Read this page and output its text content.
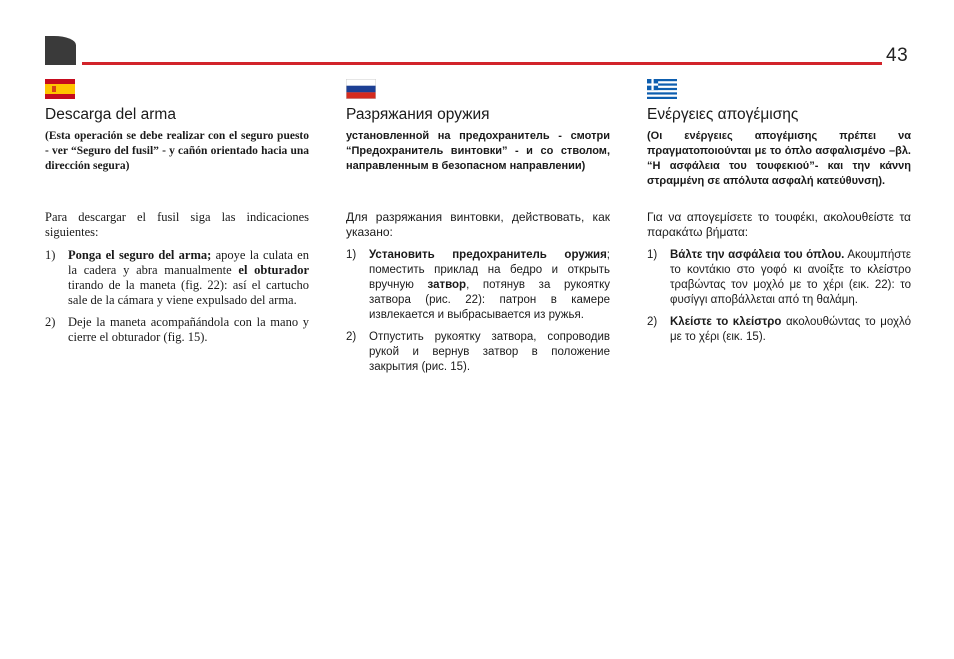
43
Descarga del arma

(Esta operación se debe realizar con el seguro puesto - ver “Seguro del fusil” - y cañón orientado hacia una dirección segura)

Para descargar el fusil siga las indicaciones siguientes:

1) Ponga el seguro del arma; apoye la culata en la cadera y abra manualmente el obturador tirando de la maneta (fig. 22): así el cartucho sale de la cámara y viene expulsado del arma.
2) Deje la maneta acompañándola con la mano y cierre el obturador (fig. 15).
Разряжания оружия

установленной на предохранитель - смотри “Предохранитель винтовки” - и со стволом, направленным в безопасном направлении)

Для разряжания винтовки, действовать, как указано:

1) Установить предохранитель оружия; поместить приклад на бедро и открыть вручную затвор, потянув за рукоятку затвора (рис. 22): патрон в камере извлекается и выбрасывается из ружья.
2) Отпустить рукоятку затвора, сопроводив рукой и вернув затвор в положение закрытия (рис. 15).
Ενέργειες απογέμισης

(Οι ενέργειες απογέμισης πρέπει να πραγματοποιούνται με το όπλο ασφαλισμένο –βλ. “Η ασφάλεια του τουφεκιού”- και την κάννη στραμμένη σε απόλυτα ασφαλή κατεύθυνση).

Για να απογεμίσετε το τουφέκι, ακολουθείστε τα παρακάτω βήματα:

1) Βάλτε την ασφάλεια του όπλου. Ακουμπήστε το κοντάκιο στο γοφό κι ανοίξτε το κλείστρο τραβώντας τον μοχλό με το χέρι (εικ. 22): το φυσίγγι αποβάλλεται από τη θαλάμη.
2) Κλείστε το κλείστρο ακολουθώντας το μοχλό με το χέρι (εικ. 15).
